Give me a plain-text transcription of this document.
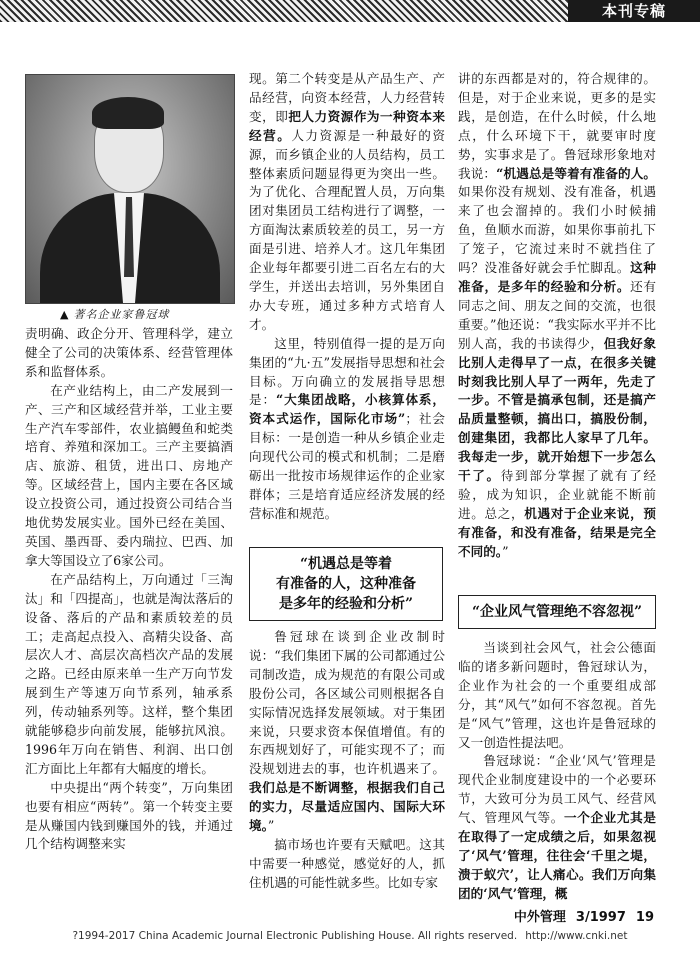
本刊专稿
▲ 著名企业家鲁冠球

责明确、政企分开、管理科学，建立健全了公司的决策体系、经营管理体系和监督体系。

在产业结构上，由二产发展到一产、三产和区域经营并举，工业主要生产汽车零部件，农业搞鳗鱼和蛇类培育、养殖和深加工。三产主要搞酒店、旅游、租赁，进出口、房地产等。区域经营上，国内主要在各区域设立投资公司，通过投资公司结合当地优势发展实业。国外已经在美国、英国、墨西哥、委内瑞拉、巴西、加拿大等国设立了6家公司。

在产品结构上，万向通过「三淘汰」和「四提高」，也就是淘汰落后的设备、落后的产品和素质较差的员工；走高起点投入、高精尖设备、高层次人才、高层次高档次产品的发展之路。已经由原来单一生产万向节发展到生产等速万向节系列，轴承系列，传动轴系列等。这样，整个集团就能够稳步向前发展，能够抗风浪。1996年万向在销售、利润、出口创汇方面比上年都有大幅度的增长。

中央提出“两个转变”，万向集团也要有相应“两转”。第一个转变主要是从赚国内钱到赚国外的钱，并通过几个结构调整来实

现。第二个转变是从产品生产、产品经营，向资本经营，人力经营转变，即把人力资源作为一种资本来经营。人力资源是一种最好的资源，而乡镇企业的人员结构，员工整体素质问题显得更为突出一些。为了优化、合理配置人员，万向集团对集团员工结构进行了调整，一方面淘汰素质较差的员工，另一方面是引进、培养人才。这几年集团企业每年都要引进二百名左右的大学生，并送出去培训，另外集团自办大专班，通过多种方式培育人才。

这里，特别值得一提的是万向集团的“九·五”发展指导思想和社会目标。万向确立的发展指导思想是：“大集团战略，小核算体系，资本式运作，国际化市场”；社会目标：一是创造一种从乡镇企业走向现代公司的模式和机制；二是磨砺出一批按市场规律运作的企业家群体；三是培育适应经济发展的经营标准和规范。

“机遇总是等着
有准备的人，这种准备
是多年的经验和分析”

鲁冠球在谈到企业改制时说：“我们集团下属的公司都通过公司制改造，成为规范的有限公司或股份公司，各区域公司则根据各自实际情况选择发展领域。对于集团来说，只要求资本保值增值。有的东西规划好了，可能实现不了；而没规划进去的事，也许机遇来了。我们总是不断调整，根据我们自己的实力，尽量适应国内、国际大环境。”

搞市场也许要有天赋吧。这其中需要一种感觉，感觉好的人，抓住机遇的可能性就多些。比如专家

讲的东西都是对的，符合规律的。但是，对于企业来说，更多的是实践，是创造，在什么时候，什么地点，什么环境下干，就要审时度势，实事求是了。鲁冠球形象地对我说：“机遇总是等着有准备的人。如果你没有规划、没有准备，机遇来了也会溜掉的。我们小时候捕鱼，鱼顺水而游，如果你事前扎下了笼子，它流过来时不就挡住了吗？没准备好就会手忙脚乱。这种准备，是多年的经验和分析。还有同志之间、朋友之间的交流，也很重要。”他还说：“我实际水平并不比别人高，我的书读得少，但我好象比别人走得早了一点，在很多关键时刻我比别人早了一两年，先走了一步。不管是搞承包制，还是搞产品质量整顿，搞出口，搞股份制，创建集团，我都比人家早了几年。我每走一步，就开始想下一步怎么干了。待到部分掌握了就有了经验，成为知识，企业就能不断前进。总之，机遇对于企业来说，预有准备，和没有准备，结果是完全不同的。”

“企业风气管理绝不容忽视”

当谈到社会风气，社会公德面临的诸多新问题时，鲁冠球认为，企业作为社会的一个重要组成部分，其“风气”如何不容忽视。首先是“风气”管理，这也许是鲁冠球的又一创造性提法吧。

鲁冠球说：“企业‘风气’管理是现代企业制度建设中的一个必要环节，大致可分为员工风气、经营风气、管理风气等。一个企业尤其是在取得了一定成绩之后，如果忽视了‘风气’管理，往往会‘千里之堤，溃于蚁穴’，让人痛心。我们万向集团的‘风气’管理，概

中外管理 3/1997 19
?1994-2017 China Academic Journal Electronic Publishing House. All rights reserved. http://www.cnki.net
